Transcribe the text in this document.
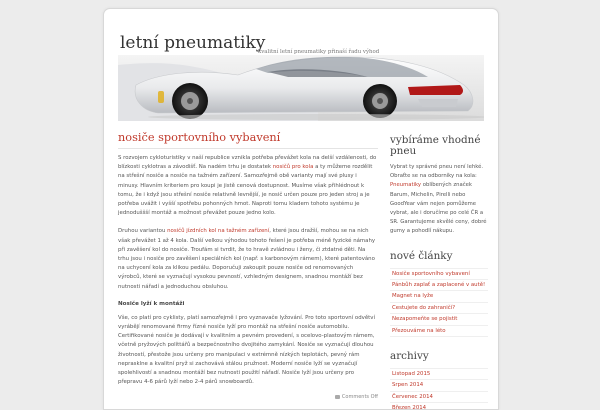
letní pneumatiky
kvalitní letní pneumatiky přinaší řadu výhod
nosiče sportovního vybavení

S rozvojem cykloturistiky v naší republice vznikla potřeba převážet kola na delší vzdálenosti, do blízkosti cyklotras a závodišť. Na nadém trhu je dostatek nosičů pro kola a ty můžeme rozdělit na střešní nosiče a nosiče na tažném zařízení. Samozřejmě obě varianty mají své plusy i minusy. Hlavním kriteriem pro koupi je jistě cenová dostupnost. Musíme však přihlédnout k tomu, že i když jsou střešní nosiče relativně levnější, je nosič určen pouze pro jeden stroj a je potřeba uvážit i vyšší spotřebu pohonných hmot. Naproti tomu kladem tohoto systému je jednoduššší montáž a možnost převážet pouze jedno kolo.

Druhou variantou nosičů jízdních kol na tažném zařízení, které jsou dražší, mohou se na nich však převážet 1 až 4 kola. Další velkou výhodou tohoto řešení je potřeba méně fyzické námahy při zavěšení kol do nosiče. Troufám si tvrdit, že to hravě zvládnou i ženy, či ztdatné děti. Na trhu jsou i nosiče pro zavěšení speciálních kol (např. s karbonovým rámem), které patentováno na uchycení kola za klikou pedálu. Doporučuji zakoupit pouze nosiče od renomovaných výrobců, které se vyznačují vysokou pevností, vzhledným designem, snadnou montáží bez nutnosti nářadí a jednoduchou obsluhou.

Nosiče lyží k montáži

Vše, co platí pro cyklisty, platí samozřejmě i pro vyznavače lyžování. Pro toto sportovní odvětví vyrábějí renomované firmy řízné nosiče lyží pro montáž na střešní nosiče automobilu. Certifikované nosiče je dodávají v kvalitním a pevném provedení, s ocelovo-plastovým rámem, včetně pryžových políttářů a bezpečnostního dvojitého zamykání. Nosiče se vyznačují dlouhou životností, přestože jsou určeny pro manipulaci v extrémně nízkých teplotách, pevný rám neprasklne a kvalitní pryž si zachovává stálou pružnost. Moderní nosiče lyží se vyznačují spolehlivostí a snadnou montáží bez nutnosti použití nářadí. Nosiče lyží jsou určeny pro přepravu 4-6 párů lyží nebo 2-4 párů snowboardů.

Comments Off
vybíráme vhodné pneu

Vybrat ty správné pneu není lehké. Obraťte se na odborníky na kola: Pneumatiky oblíbených značek Barum, Michelin, Pirelli nebo GoodYear vám nejen pomůžeme vybrat, ale i doručíme po celé ČR a SR. Garantujeme skvělé ceny, dobré gumy a pohodlí nákupu.

nové články
Nosiče sportovního vybavení
Pánbůh zaplať a zaplacené v autě!
Magnet na lyže
Cestujete do zahraničí?
Nezapomeňte se pojistit
Přezouváme na léto
archivy
Listopad 2015
Srpen 2014
Červenec 2014
Březen 2014
